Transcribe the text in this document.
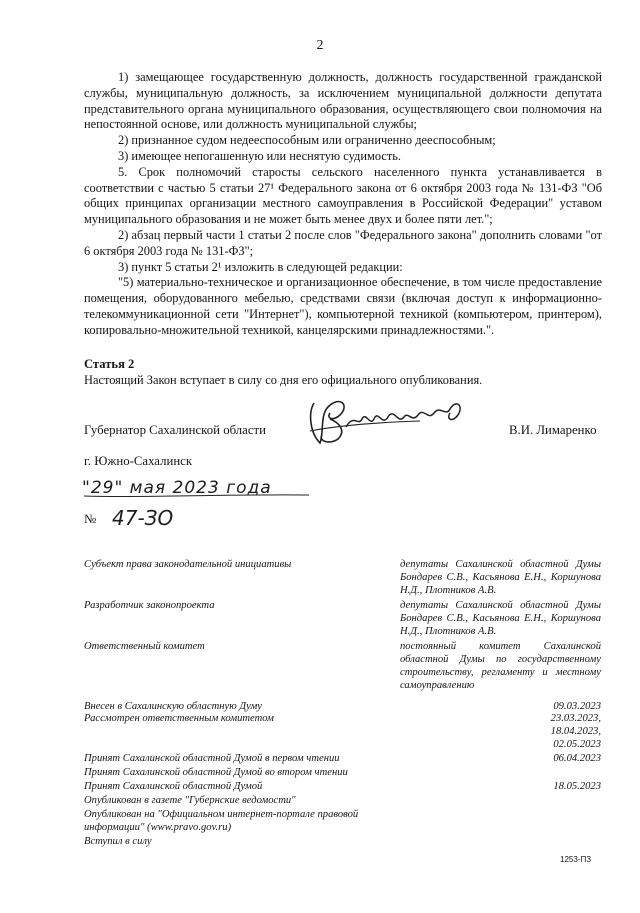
2

1) замещающее государственную должность, должность государственной гражданской службы, муниципальную должность, за исключением муниципальной должности депутата представительного органа муниципального образования, осуществляющего свои полномочия на непостоянной основе, или должность муниципальной службы;

2) признанное судом недееспособным или ограниченно дееспособным;

3) имеющее непогашенную или неснятую судимость.

5. Срок полномочий старосты сельского населенного пункта устанавливается в соответствии с частью 5 статьи 27¹ Федерального закона от 6 октября 2003 года № 131-ФЗ "Об общих принципах организации местного самоуправления в Российской Федерации" уставом муниципального образования и не может быть менее двух и более пяти лет.";

2) абзац первый части 1 статьи 2 после слов "Федерального закона" дополнить словами "от 6 октября 2003 года № 131-ФЗ";

3) пункт 5 статьи 2¹ изложить в следующей редакции:

"5) материально-техническое и организационное обеспечение, в том числе предоставление помещения, оборудованного мебелью, средствами связи (включая доступ к информационно-телекоммуникационной сети "Интернет"), компьютерной техникой (компьютером, принтером), копировально-множительной техникой, канцелярскими принадлежностями.".

Статья 2
Настоящий Закон вступает в силу со дня его официального опубликования.
Губернатор Сахалинской области	В.И. Лимаренко
г. Южно-Сахалинск
"29" мая 2023 года
№ 47-ЗО
Субъект права законодательной инициативы	депутаты Сахалинской областной Думы Бондарев С.В., Касьянова Е.Н., Коршунова Н.Д., Плотников А.В.
Разработчик законопроекта	депутаты Сахалинской областной Думы Бондарев С.В., Касьянова Е.Н., Коршунова Н.Д., Плотников А.В.
Ответственный комитет	постоянный комитет Сахалинской областной Думы по государственному строительству, регламенту и местному самоуправлению
Внесен в Сахалинскую областную Думу	09.03.2023
Рассмотрен ответственным комитетом	23.03.2023,
18.04.2023,
02.05.2023
Принят Сахалинской областной Думой в первом чтении	06.04.2023
Принят Сахалинской областной Думой во втором чтении
Принят Сахалинской областной Думой	18.05.2023
Опубликован в газете "Губернские ведомости"
Опубликован на "Официальном интернет-портале правовой информации" (www.pravo.gov.ru)
Вступил в силу
1253-ПЗ
